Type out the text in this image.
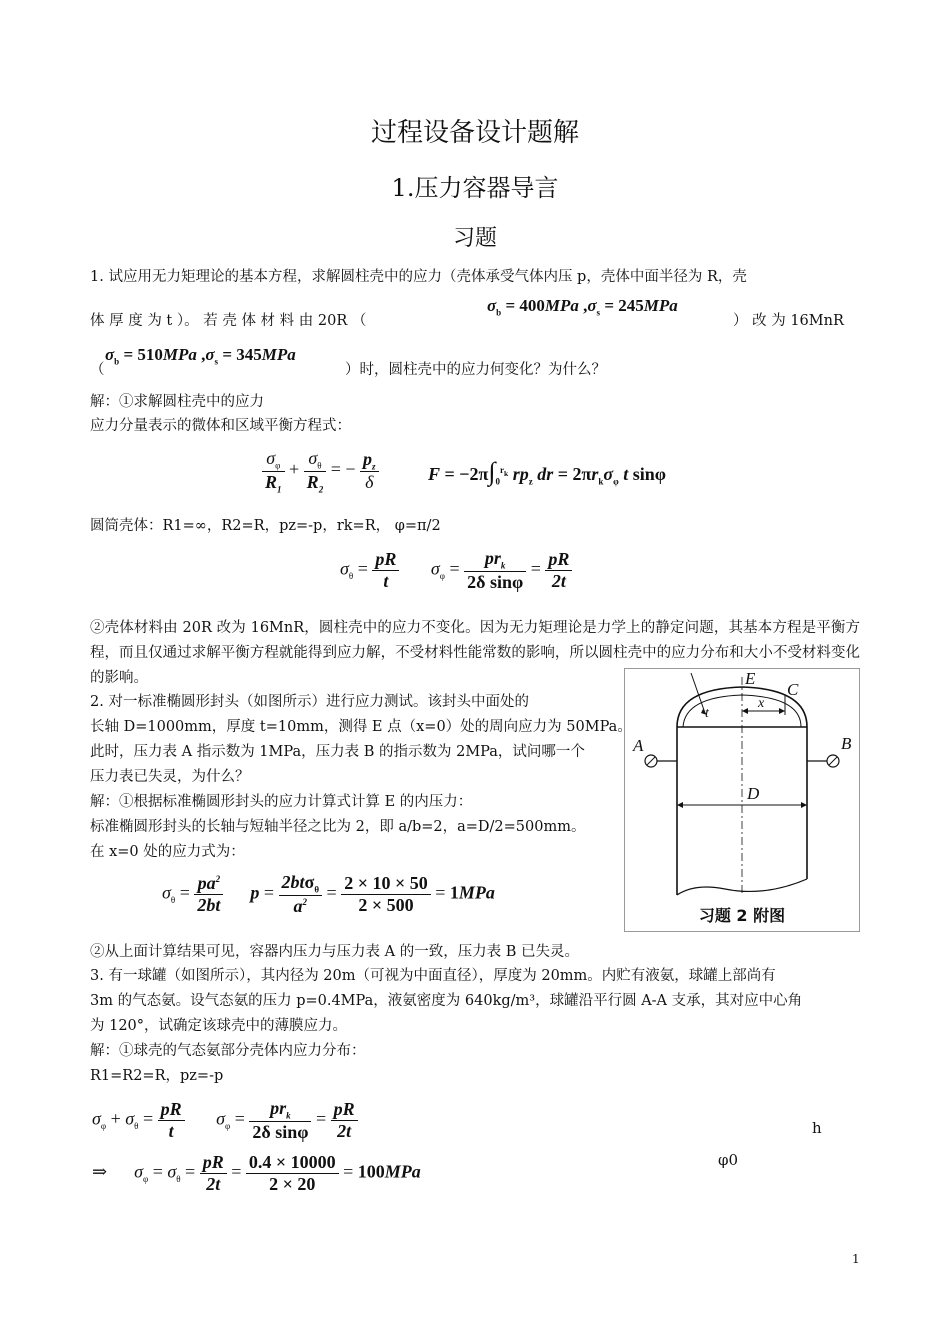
过程设备设计题解
1.压力容器导言
习题
1. 试应用无力矩理论的基本方程，求解圆柱壳中的应力（壳体承受气体内压 p，壳体中面半径为 R，壳
体 厚 度 为 t ）。 若 壳 体 材 料 由 20R （
$\sigma_b = 400MPa$ $,\sigma_s = 245MPa$
） 改 为 16MnR
（
$\sigma_b = 510MPa$ $,\sigma_s = 345MPa$
）时，圆柱壳中的应力何变化？为什么？
解：①求解圆柱壳中的应力
应力分量表示的微体和区域平衡方程式：
$\frac{\sigma_\varphi}{R_1} + \frac{\sigma_\theta}{R_2}$ = − $\frac{p_z}{\delta}$	$F = -2\pi\int_0^{r_k}$ $rp_z$ dr = $2\pi r_k\sigma_\varphi$ t sinφ
圆筒壳体：R1=∞，R2=R，pz=-p，rk=R， φ=π/2
$\sigma_\theta = \frac{pR}{t} \sigma_\varphi = \frac{pr_k}{\text{2δ sinφ}} = \frac{pR}{2t}$
②壳体材料由 20R 改为 16MnR，圆柱壳中的应力不变化。因为无力矩理论是力学上的静定问题，其基本方程是平衡方程，而且仅通过求解平衡方程就能得到应力解，不受材料性能常数的影响，所以圆柱壳中的应力分布和大小不受材料变化的影响。
2. 对一标准椭圆形封头（如图所示）进行应力测试。该封头中面处的
长轴 D=1000mm，厚度 t=10mm，测得 E 点（x=0）处的周向应力为 50MPa。
此时，压力表 A 指示数为 1MPa，压力表 B 的指示数为 2MPa，试问哪一个
压力表已失灵，为什么？
解：①根据标准椭圆形封头的应力计算式计算 E 的内压力：
标准椭圆形封头的长轴与短轴半径之比为 2，即 a/b=2，a=D/2=500mm。
在 x=0 处的应力式为：
E
C
x
t
A	B
D
习题 2 附图
$\sigma_\theta = \frac{pa^2}{2bt}$ $p = \frac{2bt\sigma_\theta}{a^2} = \frac{2 \times 10 \times 50}{2 \times 500} = 1MPa$
②从上面计算结果可见，容器内压力与压力表 A 的一致，压力表 B 已失灵。
3. 有一球罐（如图所示），其内径为 20m（可视为中面直径），厚度为 20mm。内贮有液氨，球罐上部尚有
3m 的气态氨。设气态氨的压力 p=0.4MPa，液氨密度为 640kg/m³，球罐沿平行圆 A-A 支承，其对应中心角
为 120°，试确定该球壳中的薄膜应力。
解：①球壳的气态氨部分壳体内应力分布：
R1=R2=R，pz=-p
$\sigma_\varphi + \sigma_\theta = \frac{pR}{t} \sigma_\varphi = \frac{pr_k}{\text{2δ sinφ}} = \frac{pR}{2t}$
⇒      $\sigma_\varphi = \sigma_\theta = \frac{pR}{2t} = \frac{0.4 \times 10000}{2 \times 20} = 100MPa$
h
φ0
1
